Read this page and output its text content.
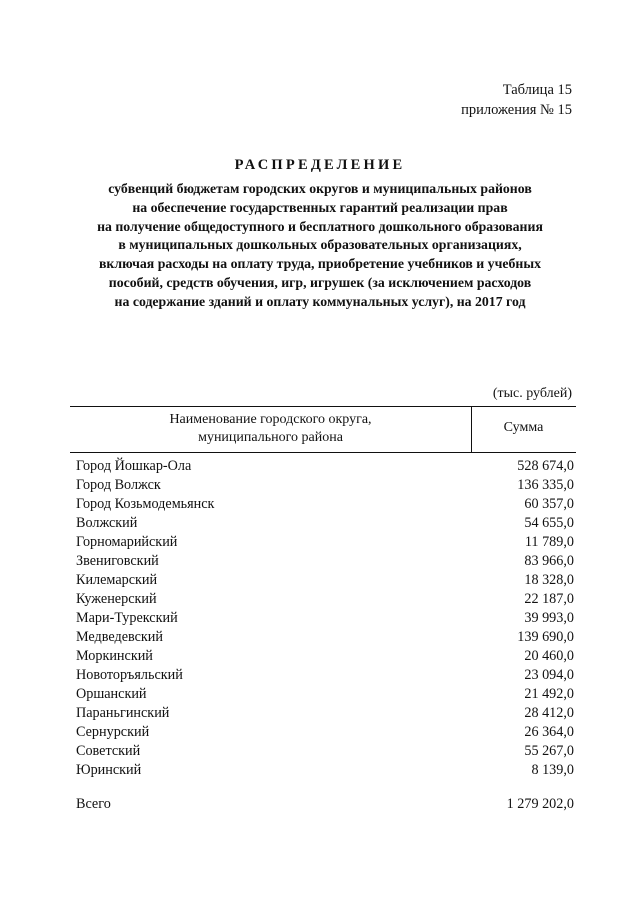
Таблица 15
приложения № 15
РАСПРЕДЕЛЕНИЕ
субвенций бюджетам городских округов и муниципальных районов
на обеспечение государственных гарантий реализации прав
на получение общедоступного и бесплатного дошкольного образования
в муниципальных дошкольных образовательных организациях,
включая расходы на оплату труда, приобретение учебников и учебных
пособий, средств обучения, игр, игрушек (за исключением расходов
на содержание зданий и оплату коммунальных услуг), на 2017 год
(тыс. рублей)
Наименование городского округа,
муниципального района
Сумма
Город Йошкар-Ола	528 674,0
Город Волжск	136 335,0
Город Козьмодемьянск	60 357,0
Волжский	54 655,0
Горномарийский	11 789,0
Звениговский	83 966,0
Килемарский	18 328,0
Куженерский	22 187,0
Мари-Турекский	39 993,0
Медведевский	139 690,0
Моркинский	20 460,0
Новоторъяльский	23 094,0
Оршанский	21 492,0
Параньгинский	28 412,0
Сернурский	26 364,0
Советский	55 267,0
Юринский	8 139,0
Всего	1 279 202,0
